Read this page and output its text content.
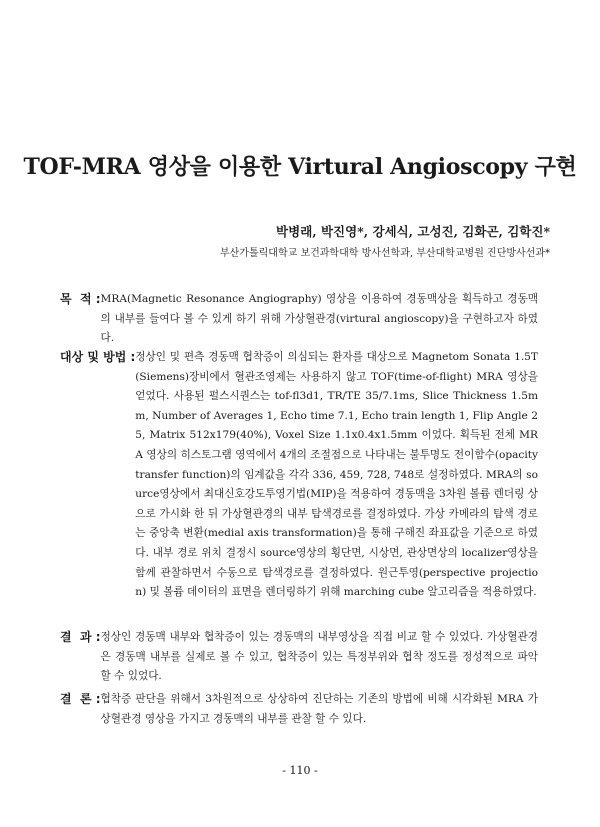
TOF-MRA 영상을 이용한 Virtural Angioscopy 구현
박병래, 박진영*, 강세식, 고성진, 김화곤, 김학진*
부산가톨릭대학교 보건과학대학 방사선학과, 부산대학교병원 진단방사선과*
목  적 : MRA(Magnetic Resonance Angiography) 영상을 이용하여 경동맥상을 획득하고 경동맥의 내부를 들여다 볼 수 있게 하기 위해 가상혈관경(virtural angioscopy)을 구현하고자 하였다.
대상 및 방법 : 정상인 및 편측 경동맥 협착증이 의심되는 환자를 대상으로 Magnetom Sonata 1.5T(Siemens)장비에서 혈관조영제는 사용하지 않고 TOF(time-of-flight) MRA 영상을 얻었다. 사용된 펄스시퀀스는 tof-fl3d1, TR/TE 35/7.1ms, Slice Thickness 1.5mm, Number of Averages 1, Echo time 7.1, Echo train length 1, Flip Angle 25, Matrix 512x179(40%), Voxel Size 1.1x0.4x1.5mm 이었다. 획득된 전체 MRA 영상의 히스토그램 영역에서 4개의 조절점으로 나타내는 불투명도 전이함수(opacity transfer function)의 임계값을 각각 336, 459, 728, 748로 설정하였다. MRA의 source영상에서 최대신호강도투영기법(MIP)을 적용하여 경동맥을 3차원 볼륨 렌더링 상으로 가시화 한 뒤 가상혈관경의 내부 탐색경로를 결정하였다. 가상 카메라의 탐색 경로는 중앙축 변환(medial axis transformation)을 통해 구해진 좌표값을 기준으로 하였다. 내부 경로 위치 결정시 source영상의 횡단면, 시상면, 관상면상의 localizer영상을 함께 관찰하면서 수동으로 탐색경로를 결정하였다. 원근투영(perspective projection) 및 볼륨 데이터의 표면을 렌더링하기 위해 marching cube 알고리즘을 적용하였다.
결  과 : 정상인 경동맥 내부와 협착증이 있는 경동맥의 내부영상을 직접 비교 할 수 있었다. 가상혈관경은 경동맥 내부를 실제로 볼 수 있고, 협착증이 있는 특정부위와 협착 정도를 정성적으로 파악 할 수 있었다.
결  론 : 협착증 판단을 위해서 3차원적으로 상상하여 진단하는 기존의 방법에 비해 시각화된 MRA 가상혈관경 영상을 가지고 경동맥의 내부를 관찰 할 수 있다.
- 110 -
